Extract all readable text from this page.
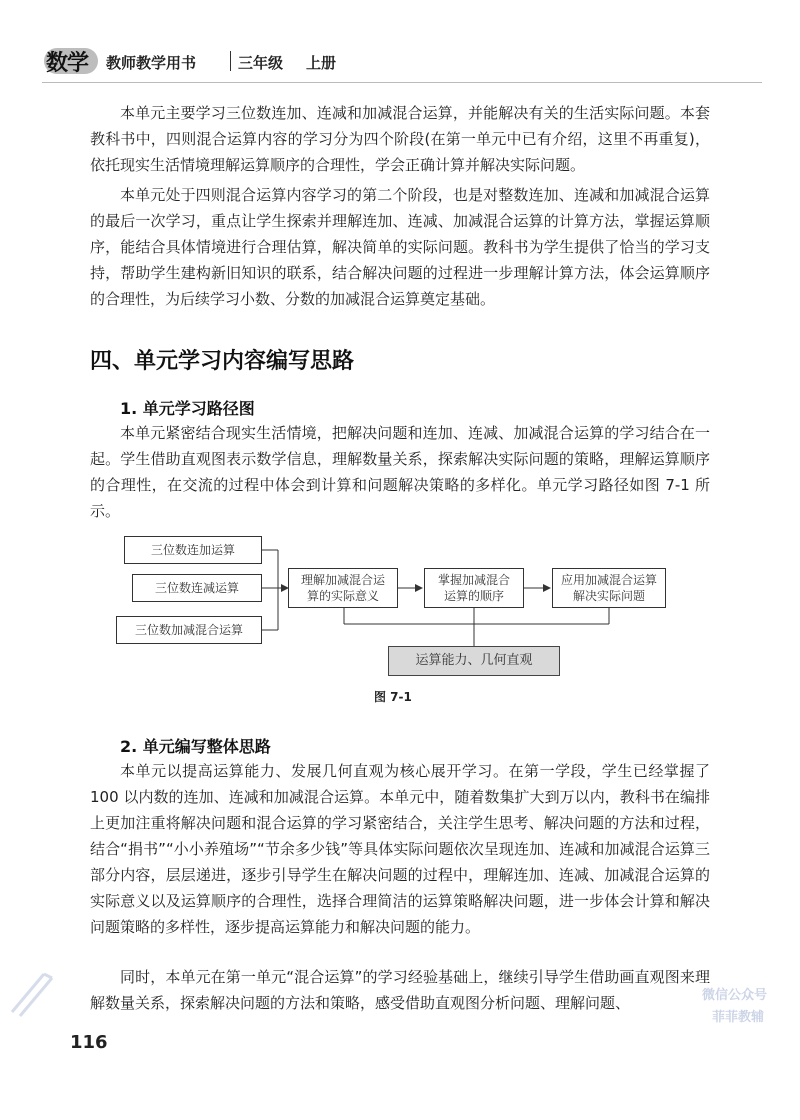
数学	教师教学用书	三年级 上册

本单元主要学习三位数连加、连减和加减混合运算，并能解决有关的生活实际问题。本套教科书中，四则混合运算内容的学习分为四个阶段(在第一单元中已有介绍，这里不再重复)，依托现实生活情境理解运算顺序的合理性，学会正确计算并解决实际问题。

本单元处于四则混合运算内容学习的第二个阶段，也是对整数连加、连减和加减混合运算的最后一次学习，重点让学生探索并理解连加、连减、加减混合运算的计算方法，掌握运算顺序，能结合具体情境进行合理估算，解决简单的实际问题。教科书为学生提供了恰当的学习支持，帮助学生建构新旧知识的联系，结合解决问题的过程进一步理解计算方法，体会运算顺序的合理性，为后续学习小数、分数的加减混合运算奠定基础。

四、单元学习内容编写思路
1. 单元学习路径图

本单元紧密结合现实生活情境，把解决问题和连加、连减、加减混合运算的学习结合在一起。学生借助直观图表示数学信息，理解数量关系，探索解决实际问题的策略，理解运算顺序的合理性，在交流的过程中体会到计算和问题解决策略的多样化。单元学习路径如图 7-1 所示。

三位数连加运算
三位数连减运算
三位数加减混合运算
理解加减混合运算的实际意义
掌握加减混合运算的顺序
应用加减混合运算解决实际问题
运算能力、几何直观
图 7-1
2. 单元编写整体思路

本单元以提高运算能力、发展几何直观为核心展开学习。在第一学段，学生已经掌握了 100 以内数的连加、连减和加减混合运算。本单元中，随着数集扩大到万以内，教科书在编排上更加注重将解决问题和混合运算的学习紧密结合，关注学生思考、解决问题的方法和过程，结合“捐书”“小小养殖场”“节余多少钱”等具体实际问题依次呈现连加、连减和加减混合运算三部分内容，层层递进，逐步引导学生在解决问题的过程中，理解连加、连减、加减混合运算的实际意义以及运算顺序的合理性，选择合理简洁的运算策略解决问题，进一步体会计算和解决问题策略的多样性，逐步提高运算能力和解决问题的能力。

同时，本单元在第一单元“混合运算”的学习经验基础上，继续引导学生借助画直观图来理解数量关系，探索解决问题的方法和策略，感受借助直观图分析问题、理解问题、	微信公众号
菲菲教辅
116
